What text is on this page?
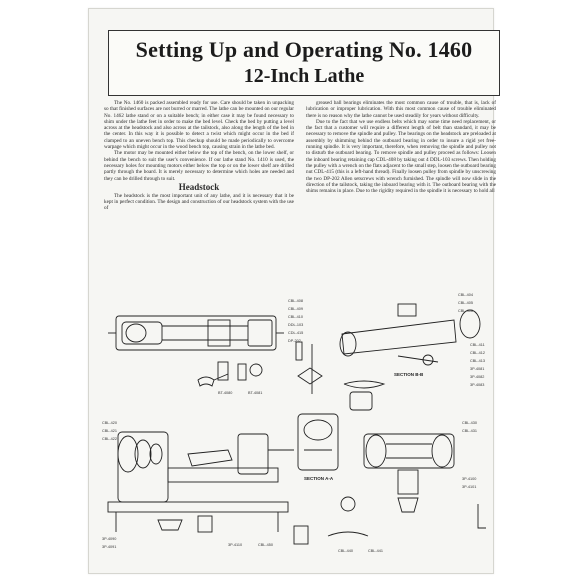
Setting Up and Operating No. 1460
12-Inch Lathe

The No. 1460 is packed assembled ready for use. Care should be taken in unpacking so that finished surfaces are not burred or marred. The lathe can be mounted on our regular No. 1462 lathe stand or on a suitable bench; in either case it may be found necessary to shim under the lathe feet in order to make the bed level. Check the bed by putting a level across at the headstock and also across at the tailstock, also along the length of the bed in the center. In this way it is possible to detect a twist which might occur in the bed if clamped to an uneven bench top. This checkup should be made periodically to overcome warpage which might occur in the wood bench top, causing strain in the lathe bed.

The motor may be mounted either below the top of the bench, on the lower shelf, or behind the bench to suit the user's convenience. If our lathe stand No. 1410 is used, the necessary holes for mounting motors either below the top or on the lower shelf are drilled partly through the board. It is merely necessary to determine which holes are needed and they can be drilled through to suit.

Headstock

The headstock is the most important unit of any lathe, and it is necessary that it be kept in perfect condition. The design and construction of our headstock system with the use of

greased ball bearings eliminates the most common cause of trouble, that is, lack of lubrication or improper lubrication. With this most common cause of trouble eliminated there is no reason why the lathe cannot be used steadily for years without difficulty.

Due to the fact that we use endless belts which may some time need replacement, or the fact that a customer will require a different length of belt than standard, it may be necessary to remove the spindle and pulley. The bearings on the headstock are preloaded at assembly by shimming behind the outboard bearing in order to insure a rigid yet free-running spindle. It is very important, therefore, when removing the spindle and pulley not to disturb the outboard bearing. To remove spindle and pulley proceed as follows: Loosen the inboard bearing retaining cap CDL-408 by taking out 4 DDL-103 screws. Then holding the pulley with a wrench on the flats adjacent to the small step, loosen the outboard bearing nut CDL-415 (this is a left-hand thread). Finally loosen pulley from spindle by unscrewing the two DP-202 Allen setscrews with wrench furnished. The spindle will now slide in the direction of the tailstock, taking the inboard bearing with it. The outboard bearing with the shims remains in place. Due to the rigidity required in the spindle it is necessary to hold all

CBL-408
CBL-409
CBL-410
DDL-103
CDL-415
DP-202
BT-4080	BT-4081
CBL-404
CBL-405
CBL-406
CBL-411
CBL-412
CBL-413
3P-4081
3P-4082
3P-4083
CBL-420
CBL-421
CBL-422
3P-4090
3P-4091
CBL-430
CBL-431
3P-4100
3P-4101
CBL-440	CBL-441
3P-4110	CBL-450
SECTION B-B
SECTION A-A
